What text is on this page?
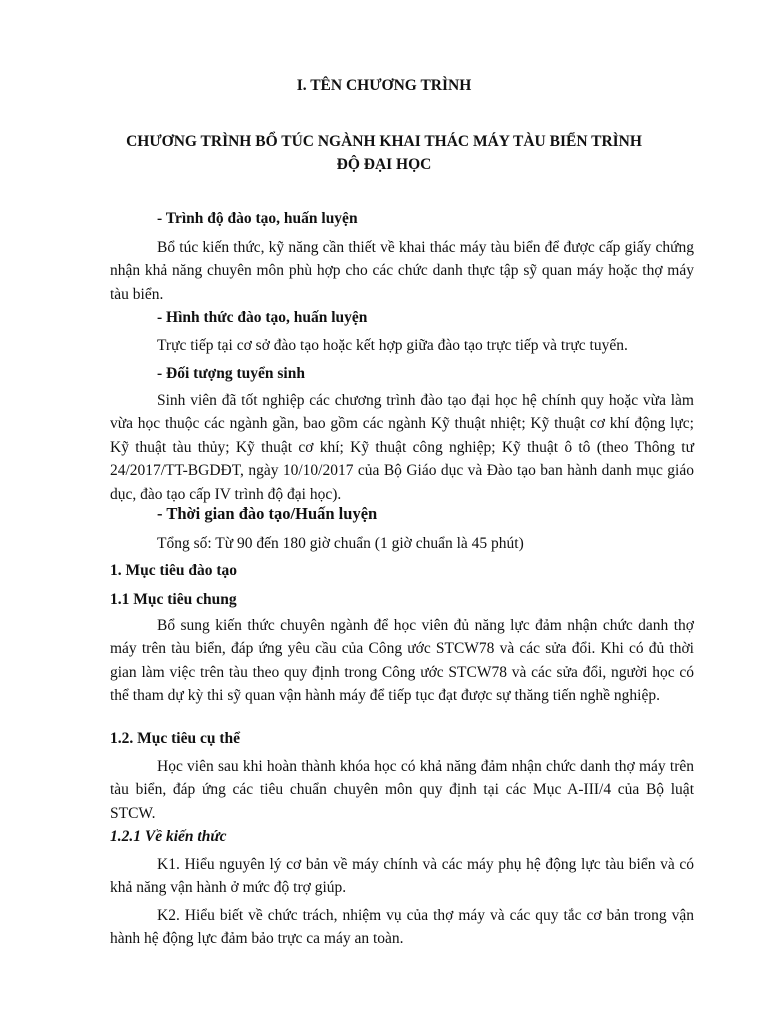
I. TÊN CHƯƠNG TRÌNH
CHƯƠNG TRÌNH BỔ TÚC NGÀNH KHAI THÁC MÁY TÀU BIỂN TRÌNH
ĐỘ ĐẠI HỌC
- Trình độ đào tạo, huấn luyện
Bổ túc kiến thức, kỹ năng cần thiết về khai thác máy tàu biển để được cấp giấy chứng nhận khả năng chuyên môn phù hợp cho các chức danh thực tập sỹ quan máy hoặc thợ máy tàu biển.
- Hình thức đào tạo, huấn luyện
Trực tiếp tại cơ sở đào tạo hoặc kết hợp giữa đào tạo trực tiếp và trực tuyến.
- Đối tượng tuyển sinh
Sinh viên đã tốt nghiệp các chương trình đào tạo đại học hệ chính quy hoặc vừa làm vừa học thuộc các ngành gần, bao gồm các ngành Kỹ thuật nhiệt; Kỹ thuật cơ khí động lực; Kỹ thuật tàu thủy; Kỹ thuật cơ khí; Kỹ thuật công nghiệp; Kỹ thuật ô tô (theo Thông tư 24/2017/TT-BGDĐT, ngày 10/10/2017 của Bộ Giáo dục và Đào tạo ban hành danh mục giáo dục, đào tạo cấp IV trình độ đại học).
- Thời gian đào tạo/Huấn luyện
Tổng số: Từ 90 đến 180 giờ chuẩn (1 giờ chuẩn là 45 phút)
1. Mục tiêu đào tạo
1.1 Mục tiêu chung
Bổ sung kiến thức chuyên ngành để học viên đủ năng lực đảm nhận chức danh thợ máy trên tàu biển, đáp ứng yêu cầu của Công ước STCW78 và các sửa đổi. Khi có đủ thời gian làm việc trên tàu theo quy định trong Công ước STCW78 và các sửa đổi, người học có thể tham dự kỳ thi sỹ quan vận hành máy để tiếp tục đạt được sự thăng tiến nghề nghiệp.
1.2. Mục tiêu cụ thể
Học viên sau khi hoàn thành khóa học có khả năng đảm nhận chức danh thợ máy trên tàu biển, đáp ứng các tiêu chuẩn chuyên môn quy định tại các Mục A-III/4 của Bộ luật STCW.
1.2.1 Về kiến thức
K1. Hiểu nguyên lý cơ bản về máy chính và các máy phụ hệ động lực tàu biển và có khả năng vận hành ở mức độ trợ giúp.
K2. Hiểu biết về chức trách, nhiệm vụ của thợ máy và các quy tắc cơ bản trong vận hành hệ động lực đảm bảo trực ca máy an toàn.
